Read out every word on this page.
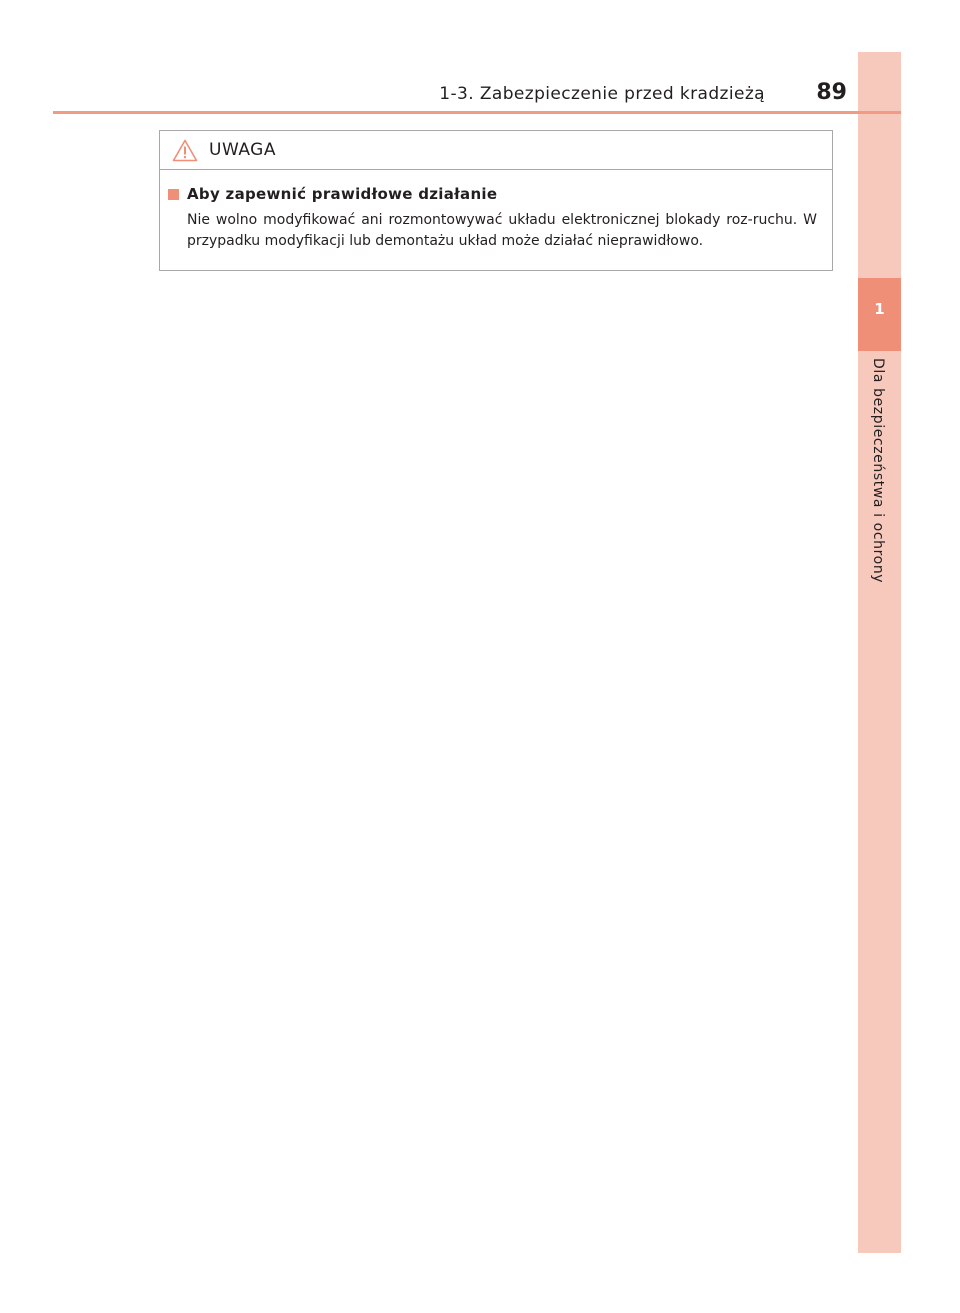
1
Dla bezpieczeństwa i ochrony
1-3. Zabezpieczenie przed kradzieżą 89
UWAGA
Aby zapewnić prawidłowe działanie
Nie wolno modyfikować ani rozmontowywać układu elektronicznej blokady roz-ruchu. W przypadku modyfikacji lub demontażu układ może działać nieprawidłowo.
